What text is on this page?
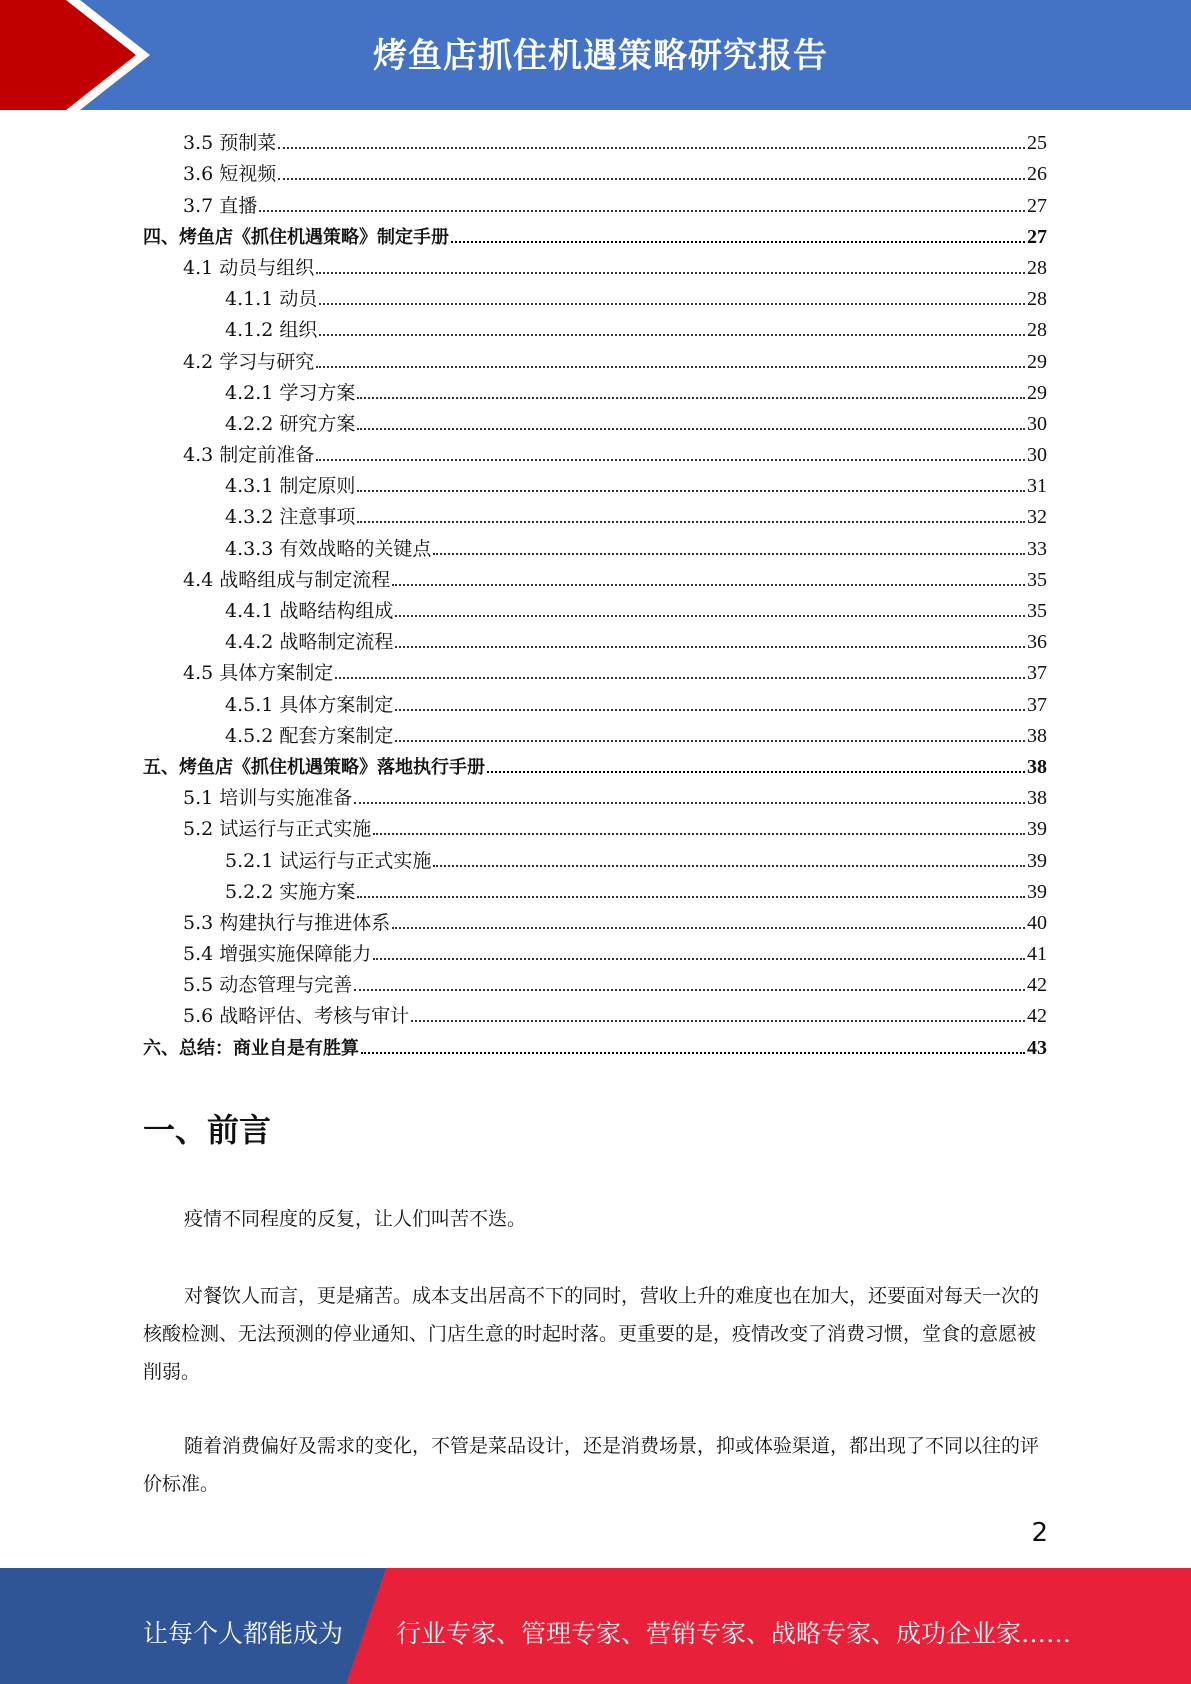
烤鱼店抓住机遇策略研究报告
3.5 预制菜	25
3.6 短视频	26
3.7 直播	27
四、烤鱼店《抓住机遇策略》制定手册	27
4.1 动员与组织	28
4.1.1 动员	28
4.1.2 组织	28
4.2 学习与研究	29
4.2.1 学习方案	29
4.2.2 研究方案	30
4.3 制定前准备	30
4.3.1 制定原则	31
4.3.2 注意事项	32
4.3.3 有效战略的关键点	33
4.4 战略组成与制定流程	35
4.4.1 战略结构组成	35
4.4.2 战略制定流程	36
4.5 具体方案制定	37
4.5.1 具体方案制定	37
4.5.2 配套方案制定	38
五、烤鱼店《抓住机遇策略》落地执行手册	38
5.1 培训与实施准备	38
5.2 试运行与正式实施	39
5.2.1 试运行与正式实施	39
5.2.2 实施方案	39
5.3 构建执行与推进体系	40
5.4 增强实施保障能力	41
5.5 动态管理与完善	42
5.6 战略评估、考核与审计	42
六、总结：商业自是有胜算	43
一、前言
疫情不同程度的反复，让人们叫苦不迭。
对餐饮人而言，更是痛苦。成本支出居高不下的同时，营收上升的难度也在加大，还要面对每天一次的核酸检测、无法预测的停业通知、门店生意的时起时落。更重要的是，疫情改变了消费习惯，堂食的意愿被削弱。
随着消费偏好及需求的变化，不管是菜品设计，还是消费场景，抑或体验渠道，都出现了不同以往的评价标准。
2
让每个人都能成为 行业专家、管理专家、营销专家、战略专家、成功企业家……
